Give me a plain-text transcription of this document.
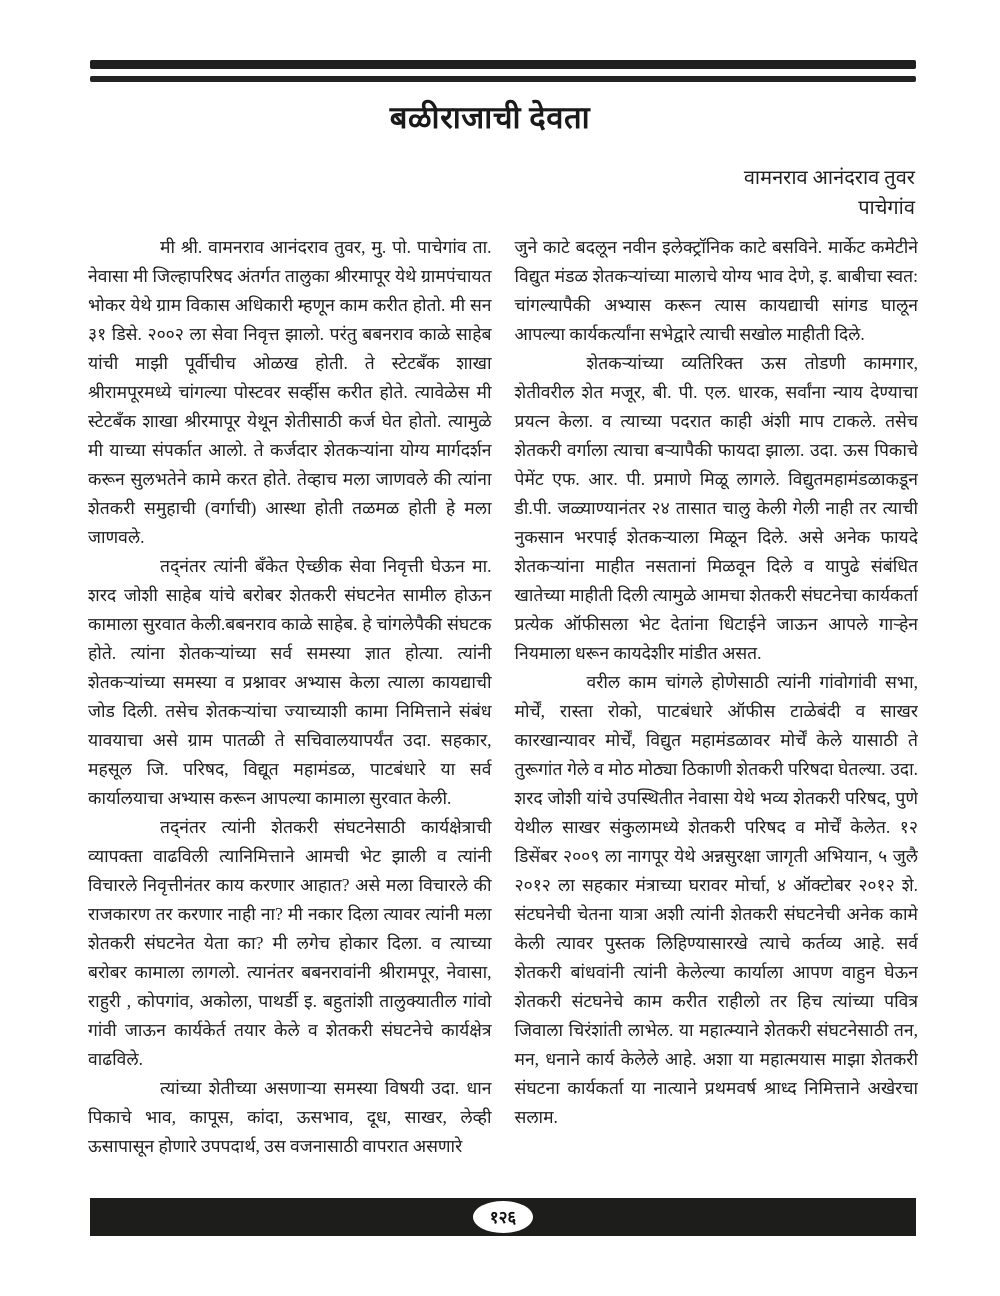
बळीराजाची देवता
वामनराव आनंदराव तुवर
पाचेगांव

मी श्री. वामनराव आनंदराव तुवर, मु. पो. पाचेगांव ता. नेवासा मी जिल्हापरिषद अंतर्गत तालुका श्रीरमापूर येथे ग्रामपंचायत भोकर येथे ग्राम विकास अधिकारी म्हणून काम करीत होतो. मी सन ३१ डिसे. २००२ ला सेवा निवृत्त झालो. परंतु बबनराव काळे साहेब यांची माझी पूर्वीचीच ओळख होती. ते स्टेटबँक शाखा श्रीरामपूरमध्ये चांगल्या पोस्टवर सर्व्हीस करीत होते. त्यावेळेस मी स्टेटबँक शाखा श्रीरमापूर येथून शेतीसाठी कर्ज घेत होतो. त्यामुळे मी याच्या संपर्कात आलो. ते कर्जदार शेतकऱ्यांना योग्य मार्गदर्शन करून सुलभतेने कामे करत होते. तेव्हाच मला जाणवले की त्यांना शेतकरी समुहाची (वर्गाची) आस्था होती तळमळ होती हे मला जाणवले.

तद्नंतर त्यांनी बँकेत ऐच्छीक सेवा निवृत्ती घेऊन मा. शरद जोशी साहेब यांचे बरोबर शेतकरी संघटनेत सामील होऊन कामाला सुरवात केली.बबनराव काळे साहेब. हे चांगलेपैकी संघटक होते. त्यांना शेतकऱ्यांच्या सर्व समस्या ज्ञात होत्या. त्यांनी शेतकऱ्यांच्या समस्या व प्रश्नावर अभ्यास केला त्याला कायद्याची जोड दिली. तसेच शेतकऱ्यांचा ज्याच्याशी कामा निमित्ताने संबंध यावयाचा असे ग्राम पातळी ते सचिवालयापर्यंत उदा. सहकार, महसूल जि. परिषद, विद्यूत महामंडळ, पाटबंधारे या सर्व कार्यालयाचा अभ्यास करून आपल्या कामाला सुरवात केली.

तद्नंतर त्यांनी शेतकरी संघटनेसाठी कार्यक्षेत्राची व्यापक्ता वाढविली त्यानिमित्ताने आमची भेट झाली व त्यांनी विचारले निवृत्तीनंतर काय करणार आहात? असे मला विचारले की राजकारण तर करणार नाही ना? मी नकार दिला त्यावर त्यांनी मला शेतकरी संघटनेत येता का? मी लगेच होकार दिला. व त्याच्या बरोबर कामाला लागलो. त्यानंतर बबनरावांनी श्रीरामपूर, नेवासा, राहुरी , कोपगांव, अकोला, पाथर्डी इ. बहुतांशी तालुक्यातील गांवो गांवी जाऊन कार्यकेर्त तयार केले व शेतकरी संघटनेचे कार्यक्षेत्र वाढविले.

त्यांच्या शेतीच्या असणाऱ्या समस्या विषयी उदा. धान पिकाचे भाव, कापूस, कांदा, ऊसभाव, दूध, साखर, लेव्ही ऊसापासून होणारे उपपदार्थ, उस वजनासाठी वापरात असणारे

जुने काटे बदलून नवीन इलेक्ट्रॉनिक काटे बसविने. मार्केट कमेटीने विद्युत मंडळ शेतकऱ्यांच्या मालाचे योग्य भाव देणे, इ. बाबीचा स्वत: चांगल्यापैकी अभ्यास करून त्यास कायद्याची सांगड घालून आपल्या कार्यकर्त्यांना सभेद्वारे त्याची सखोल माहीती दिले.

शेतकऱ्यांच्या व्यतिरिक्त ऊस तोडणी कामगार, शेतीवरील शेत मजूर, बी. पी. एल. धारक, सर्वांना न्याय देण्याचा प्रयत्न केला. व त्याच्या पदरात काही अंशी माप टाकले. तसेच शेतकरी वर्गाला त्याचा बऱ्यापैकी फायदा झाला. उदा. ऊस पिकाचे पेमेंट एफ. आर. पी. प्रमाणे मिळू लागले. विद्युतमहामंडळाकडून डी.पी. जळ्याण्यानंतर २४ तासात चालु केली गेली नाही तर त्याची नुकसान भरपाई शेतकऱ्याला मिळून दिले. असे अनेक फायदे शेतकऱ्यांना माहीत नसतानां मिळवून दिले व यापुढे संबंधित खातेच्या माहीती दिली त्यामुळे आमचा शेतकरी संघटनेचा कार्यकर्ता प्रत्येक ऑफीसला भेट देतांना धिटाईने जाऊन आपले गाऱ्हेन नियमाला धरून कायदेशीर मांडीत असत.

वरील काम चांगले होणेसाठी त्यांनी गांवोगांवी सभा, मोर्चें, रास्ता रोको, पाटबंधारे ऑफीस टाळेबंदी व साखर कारखान्यावर मोर्चें, विद्युत महामंडळावर मोर्चें केले यासाठी ते तुरूगांत गेले व मोठ मोठ्या ठिकाणी शेतकरी परिषदा घेतल्या. उदा. शरद जोशी यांचे उपस्थितीत नेवासा येथे भव्य शेतकरी परिषद, पुणे येथील साखर संकुलामध्ये शेतकरी परिषद व मोर्चें केलेत. १२ डिसेंबर २००९ ला नागपूर येथे अन्नसुरक्षा जागृती अभियान, ५ जुलै २०१२ ला सहकार मंत्राच्या घरावर मोर्चा, ४ ऑक्टोबर २०१२ शे. संटघनेची चेतना यात्रा अशी त्यांनी शेतकरी संघटनेची अनेक कामे केली त्यावर पुस्तक लिहिण्यासारखे त्याचे कर्तव्य आहे. सर्व शेतकरी बांधवांनी त्यांनी केलेल्या कार्याला आपण वाहुन घेऊन शेतकरी संटघनेचे काम करीत राहीलो तर हिच त्यांच्या पवित्र जिवाला चिरंशांती लाभेल. या महात्म्याने शेतकरी संघटनेसाठी तन, मन, धनाने कार्य केलेले आहे. अशा या महात्मयास माझा शेतकरी संघटना कार्यकर्ता या नात्याने प्रथमवर्ष श्राध्द निमित्ताने अखेरचा सलाम.

१२६
